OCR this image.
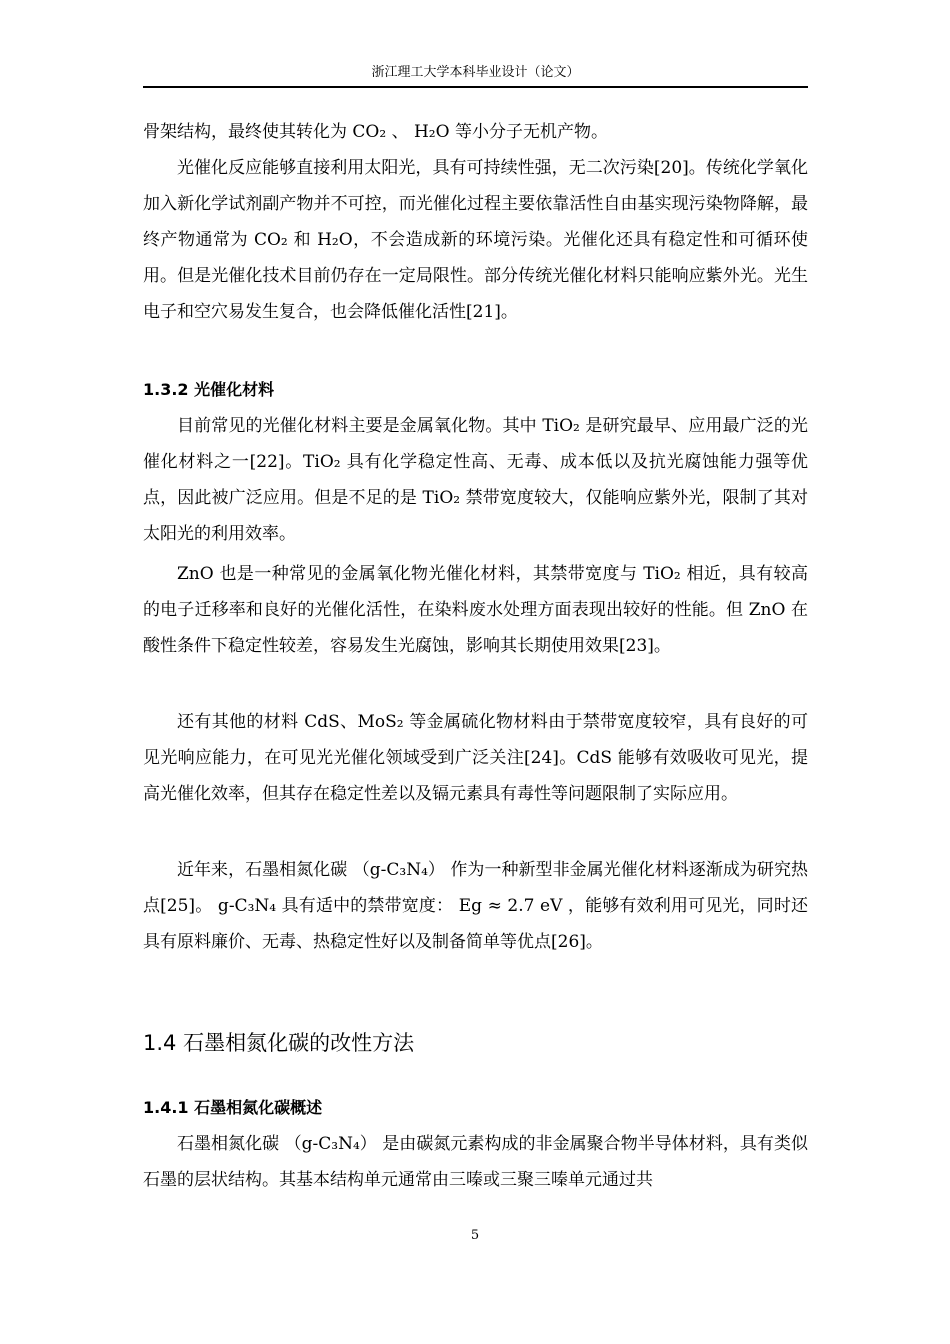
浙江理工大学本科毕业设计（论文）

骨架结构，最终使其转化为 CO₂ 、 H₂O 等小分子无机产物。

光催化反应能够直接利用太阳光，具有可持续性强，无二次污染[20]。传统化学氧化加入新化学试剂副产物并不可控，而光催化过程主要依靠活性自由基实现污染物降解，最终产物通常为 CO₂ 和 H₂O，不会造成新的环境污染。光催化还具有稳定性和可循环使用。但是光催化技术目前仍存在一定局限性。部分传统光催化材料只能响应紫外光。光生电子和空穴易发生复合，也会降低催化活性[21]。

1.3.2 光催化材料

目前常见的光催化材料主要是金属氧化物。其中 TiO₂ 是研究最早、应用最广泛的光催化材料之一[22]。TiO₂ 具有化学稳定性高、无毒、成本低以及抗光腐蚀能力强等优点，因此被广泛应用。但是不足的是 TiO₂ 禁带宽度较大，仅能响应紫外光，限制了其对太阳光的利用效率。

ZnO 也是一种常见的金属氧化物光催化材料，其禁带宽度与 TiO₂ 相近，具有较高的电子迁移率和良好的光催化活性，在染料废水处理方面表现出较好的性能。但 ZnO 在酸性条件下稳定性较差，容易发生光腐蚀，影响其长期使用效果[23]。

还有其他的材料 CdS、MoS₂ 等金属硫化物材料由于禁带宽度较窄，具有良好的可见光响应能力，在可见光光催化领域受到广泛关注[24]。CdS 能够有效吸收可见光，提高光催化效率，但其存在稳定性差以及镉元素具有毒性等问题限制了实际应用。

近年来，石墨相氮化碳 （g-C₃N₄） 作为一种新型非金属光催化材料逐渐成为研究热点[25]。 g-C₃N₄ 具有适中的禁带宽度： Eg ≈ 2.7 eV ，能够有效利用可见光，同时还具有原料廉价、无毒、热稳定性好以及制备简单等优点[26]。

1.4 石墨相氮化碳的改性方法
1.4.1 石墨相氮化碳概述

石墨相氮化碳 （g-C₃N₄） 是由碳氮元素构成的非金属聚合物半导体材料，具有类似石墨的层状结构。其基本结构单元通常由三嗪或三聚三嗪单元通过共

5
